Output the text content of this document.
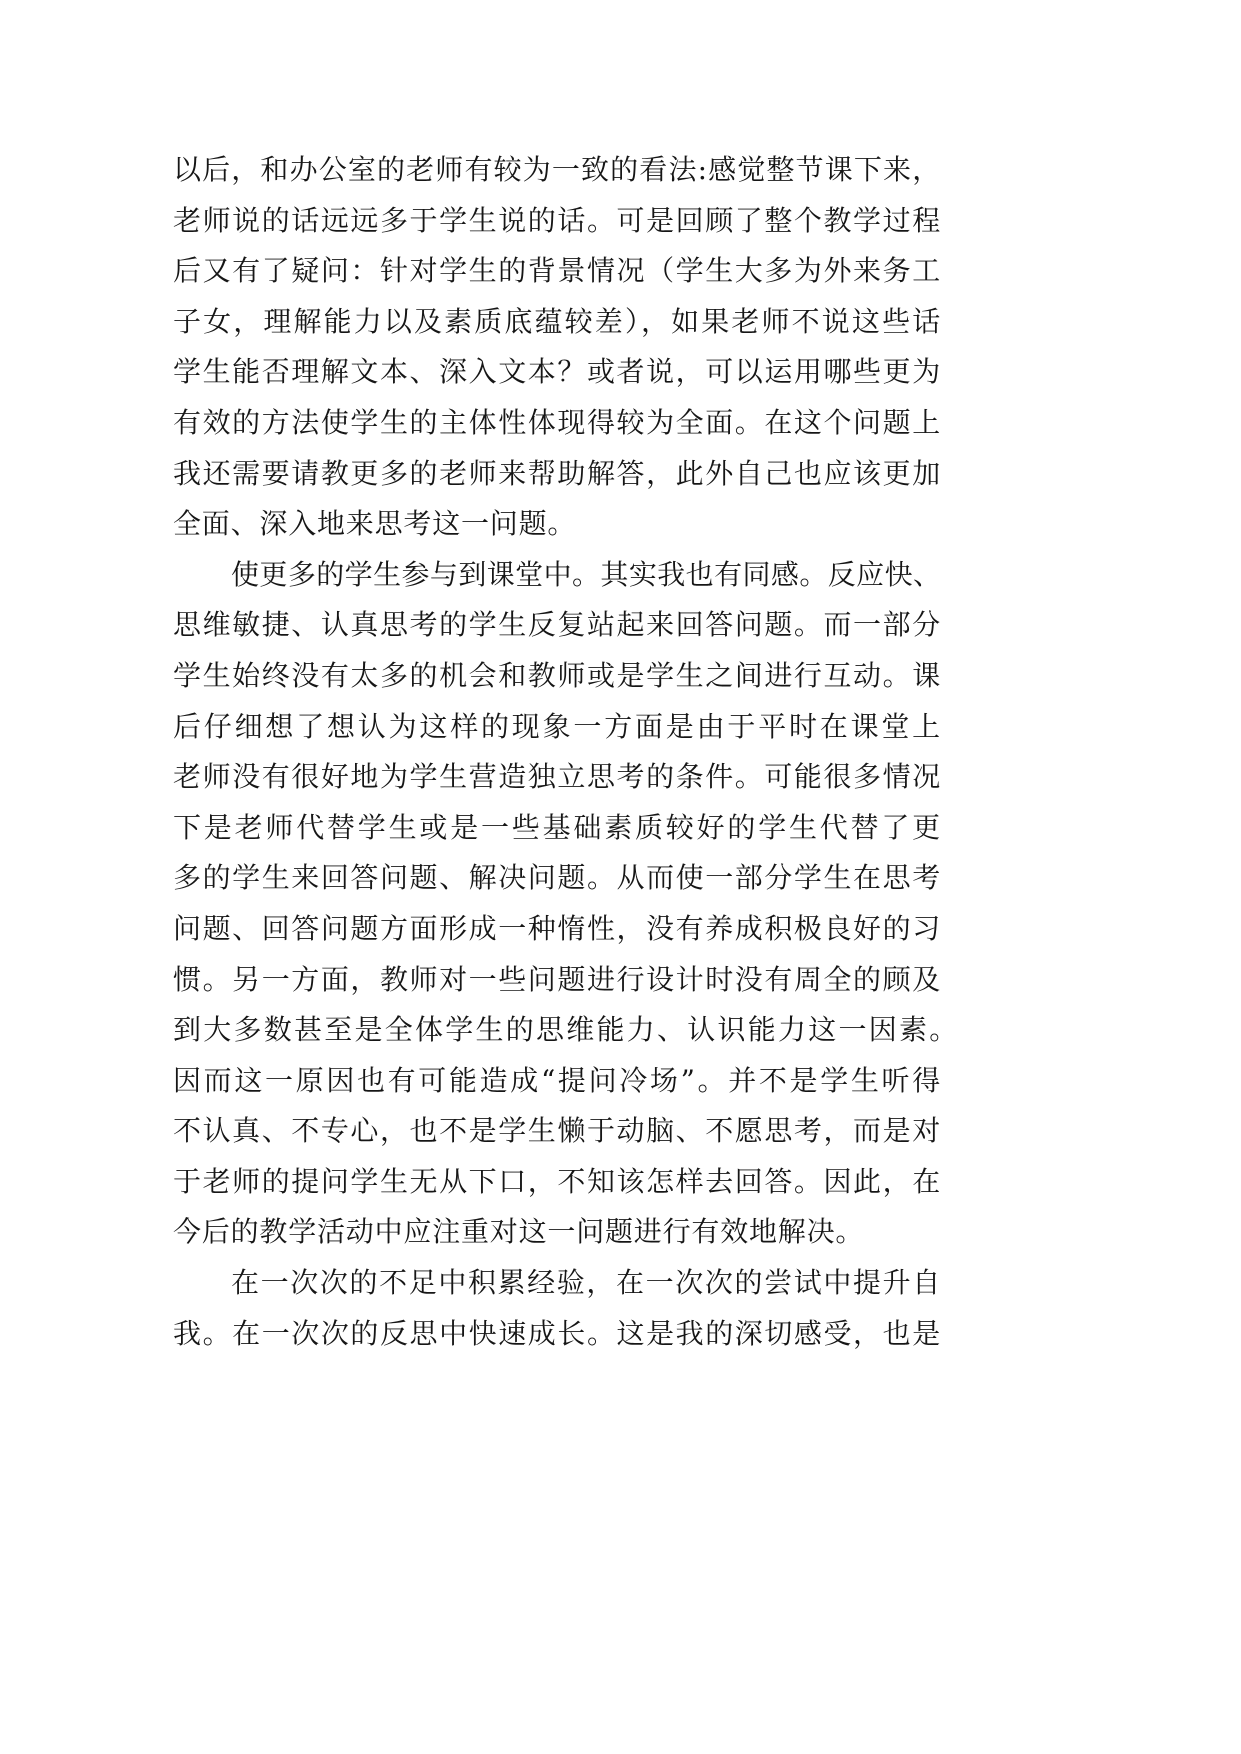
以后，和办公室的老师有较为一致的看法:感觉整节课下来，
老师说的话远远多于学生说的话。可是回顾了整个教学过程
后又有了疑问：针对学生的背景情况（学生大多为外来务工
子女，理解能力以及素质底蕴较差），如果老师不说这些话
学生能否理解文本、深入文本？或者说，可以运用哪些更为
有效的方法使学生的主体性体现得较为全面。在这个问题上
我还需要请教更多的老师来帮助解答，此外自己也应该更加
全面、深入地来思考这一问题。
使更多的学生参与到课堂中。其实我也有同感。反应快、
思维敏捷、认真思考的学生反复站起来回答问题。而一部分
学生始终没有太多的机会和教师或是学生之间进行互动。课
后仔细想了想认为这样的现象一方面是由于平时在课堂上
老师没有很好地为学生营造独立思考的条件。可能很多情况
下是老师代替学生或是一些基础素质较好的学生代替了更
多的学生来回答问题、解决问题。从而使一部分学生在思考
问题、回答问题方面形成一种惰性，没有养成积极良好的习
惯。另一方面，教师对一些问题进行设计时没有周全的顾及
到大多数甚至是全体学生的思维能力、认识能力这一因素。
因而这一原因也有可能造成“提问冷场”。并不是学生听得
不认真、不专心，也不是学生懒于动脑、不愿思考，而是对
于老师的提问学生无从下口，不知该怎样去回答。因此，在
今后的教学活动中应注重对这一问题进行有效地解决。
在一次次的不足中积累经验，在一次次的尝试中提升自
我。在一次次的反思中快速成长。这是我的深切感受，也是
